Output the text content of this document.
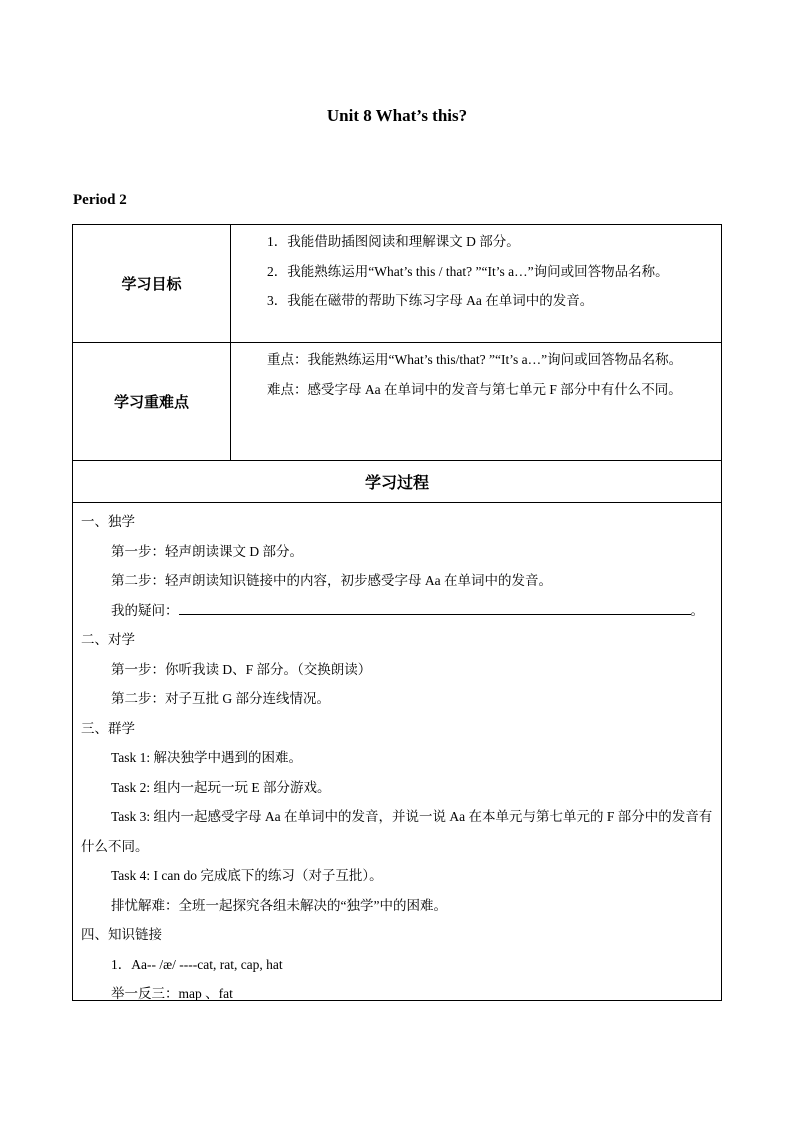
Unit 8 What’s this?
Period 2
学习目标

1．我能借助插图阅读和理解课文 D 部分。

2．我能熟练运用“What’s this / that? ”“It’s a…”询问或回答物品名称。

3．我能在磁带的帮助下练习字母 Aa 在单词中的发音。

学习重难点

重点：我能熟练运用“What’s this/that? ”“It’s a…”询问或回答物品名称。

难点：感受字母 Aa 在单词中的发音与第七单元 F 部分中有什么不同。

学习过程

一、独学

第一步：轻声朗读课文 D 部分。

第二步：轻声朗读知识链接中的内容，初步感受字母 Aa 在单词中的发音。

我的疑问：	。

二、对学

第一步：你听我读 D、F 部分。（交换朗读）

第二步：对子互批 G 部分连线情况。

三、群学

Task 1: 解决独学中遇到的困难。

Task 2: 组内一起玩一玩 E 部分游戏。

Task 3: 组内一起感受字母 Aa 在单词中的发音，并说一说 Aa 在本单元与第七单元的 F 部分中的发音有什么不同。

Task 4: I can do 完成底下的练习（对子互批）。

排忧解难：全班一起探究各组未解决的“独学”中的困难。

四、知识链接

1．Aa-- /æ/ ----cat, rat, cap, hat

举一反三：map 、fat
